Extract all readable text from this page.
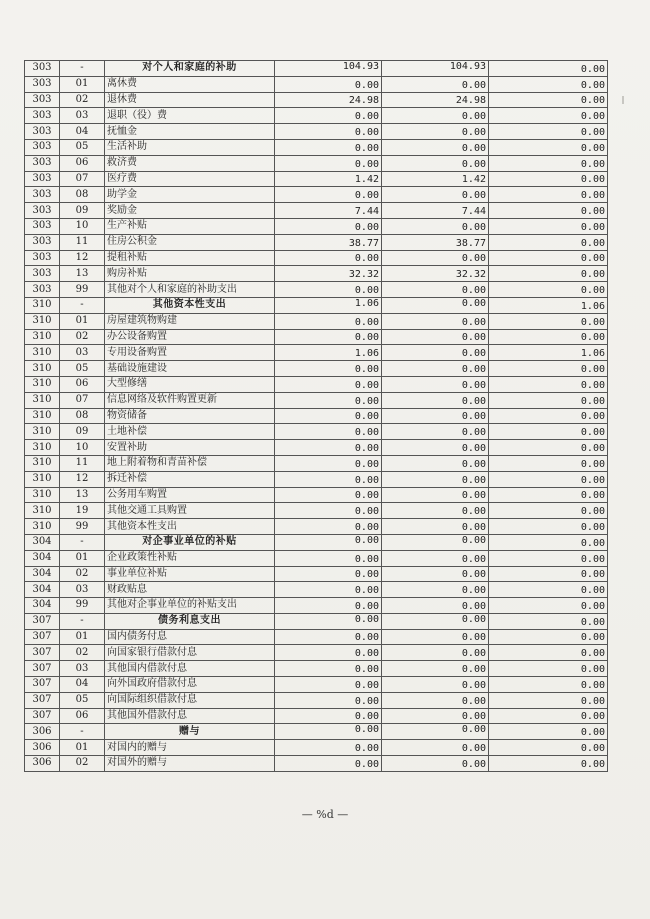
303	-	对个人和家庭的补助	104.93	104.93	0.00
303	01	离休费	0.00	0.00	0.00
303	02	退休费	24.98	24.98	0.00
303	03	退职（役）费	0.00	0.00	0.00
303	04	抚恤金	0.00	0.00	0.00
303	05	生活补助	0.00	0.00	0.00
303	06	救济费	0.00	0.00	0.00
303	07	医疗费	1.42	1.42	0.00
303	08	助学金	0.00	0.00	0.00
303	09	奖励金	7.44	7.44	0.00
303	10	生产补贴	0.00	0.00	0.00
303	11	住房公积金	38.77	38.77	0.00
303	12	提租补贴	0.00	0.00	0.00
303	13	购房补贴	32.32	32.32	0.00
303	99	其他对个人和家庭的补助支出	0.00	0.00	0.00
310	-	其他资本性支出	1.06	0.00	1.06
310	01	房屋建筑物购建	0.00	0.00	0.00
310	02	办公设备购置	0.00	0.00	0.00
310	03	专用设备购置	1.06	0.00	1.06
310	05	基础设施建设	0.00	0.00	0.00
310	06	大型修缮	0.00	0.00	0.00
310	07	信息网络及软件购置更新	0.00	0.00	0.00
310	08	物资储备	0.00	0.00	0.00
310	09	土地补偿	0.00	0.00	0.00
310	10	安置补助	0.00	0.00	0.00
310	11	地上附着物和青苗补偿	0.00	0.00	0.00
310	12	拆迁补偿	0.00	0.00	0.00
310	13	公务用车购置	0.00	0.00	0.00
310	19	其他交通工具购置	0.00	0.00	0.00
310	99	其他资本性支出	0.00	0.00	0.00
304	-	对企事业单位的补贴	0.00	0.00	0.00
304	01	企业政策性补贴	0.00	0.00	0.00
304	02	事业单位补贴	0.00	0.00	0.00
304	03	财政贴息	0.00	0.00	0.00
304	99	其他对企事业单位的补贴支出	0.00	0.00	0.00
307	-	债务利息支出	0.00	0.00	0.00
307	01	国内债务付息	0.00	0.00	0.00
307	02	向国家银行借款付息	0.00	0.00	0.00
307	03	其他国内借款付息	0.00	0.00	0.00
307	04	向外国政府借款付息	0.00	0.00	0.00
307	05	向国际组织借款付息	0.00	0.00	0.00
307	06	其他国外借款付息	0.00	0.00	0.00
306	-	赠与	0.00	0.00	0.00
306	01	对国内的赠与	0.00	0.00	0.00
306	02	对国外的赠与	0.00	0.00	0.00
— %d —
